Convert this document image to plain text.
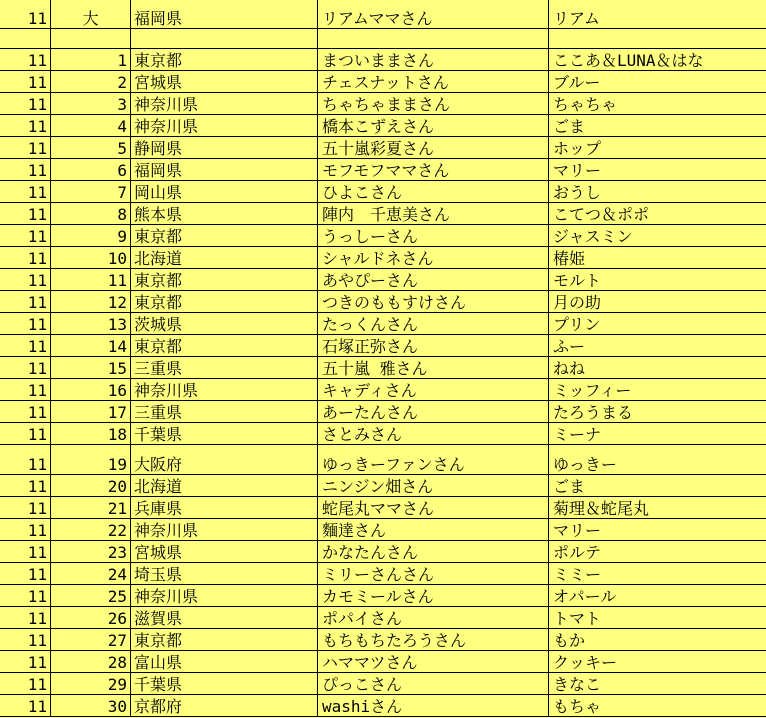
11	大	福岡県	リアムママさん	リアム
11	1 東京都	まついままさん	ここあ＆LUNA＆はな
11	2 宮城県	チェスナットさん	ブルー
11	3 神奈川県	ちゃちゃままさん	ちゃちゃ
11	4 神奈川県	橋本こずえさん	ごま
11	5 静岡県	五十嵐彩夏さん	ホップ
11	6 福岡県	モフモフママさん	マリー
11	7 岡山県	ひよこさん	おうし
11	8 熊本県	陣内　千恵美さん	こてつ＆ポポ
11	9 東京都	うっしーさん	ジャスミン
11	10 北海道	シャルドネさん	椿姫
11	11 東京都	あやぴーさん	モルト
11	12 東京都	つきのももすけさん	月の助
11	13 茨城県	たっくんさん	プリン
11	14 東京都	石塚正弥さん	ふー
11	15 三重県	五十嵐 雅さん	ねね
11	16 神奈川県	キャディさん	ミッフィー
11	17 三重県	あーたんさん	たろうまる
11	18 千葉県	さとみさん	ミーナ
11	19 大阪府	ゆっきーファンさん	ゆっきー
11	20 北海道	ニンジン畑さん	ごま
11	21 兵庫県	蛇尾丸ママさん	菊理＆蛇尾丸
11	22 神奈川県	麵達さん	マリー
11	23 宮城県	かなたんさん	ポルテ
11	24 埼玉県	ミリーさんさん	ミミー
11	25 神奈川県	カモミールさん	オパール
11	26 滋賀県	ポパイさん	トマト
11	27 東京都	もちもちたろうさん	もか
11	28 富山県	ハママツさん	クッキー
11	29 千葉県	ぴっこさん	きなこ
11	30 京都府	washiさん	もちゃ
